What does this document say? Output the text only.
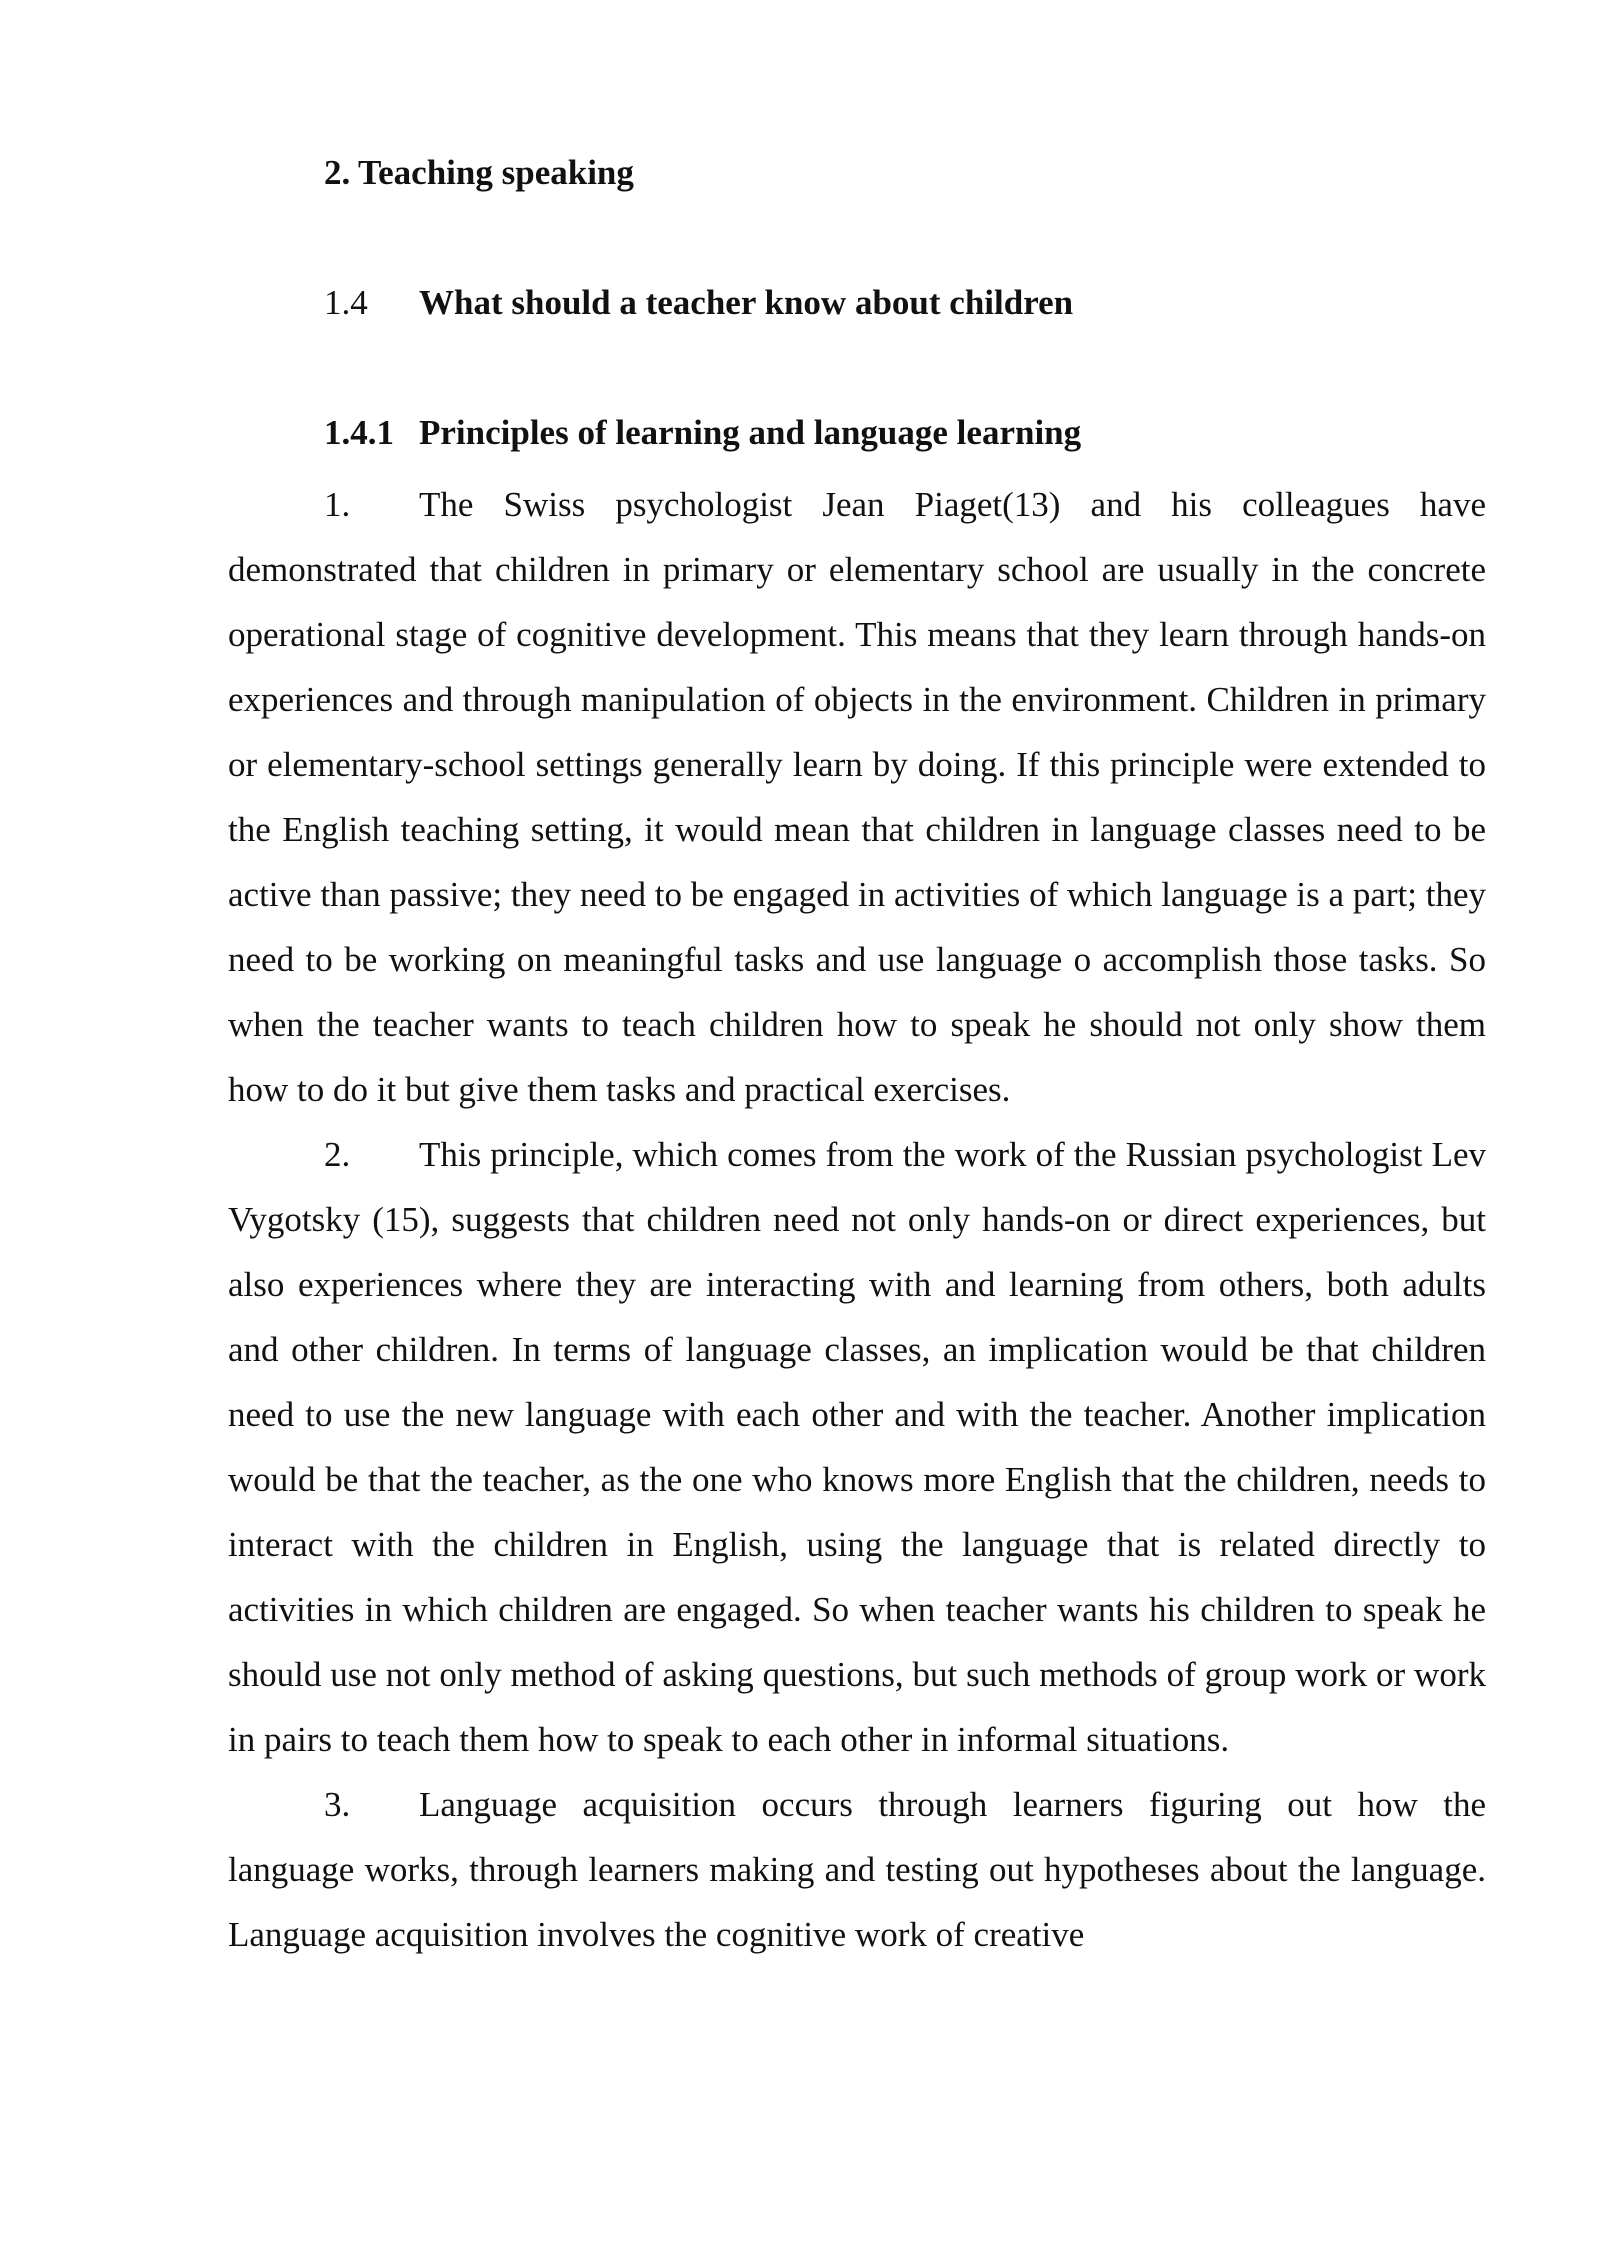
2. Teaching speaking
1.4 What should a teacher know about children
1.4.1 Principles of learning and language learning

1. The Swiss psychologist Jean Piaget(13) and his colleagues have demonstrated that children in primary or elementary school are usually in the concrete operational stage of cognitive development. This means that they learn through hands-on experiences and through manipulation of objects in the environment. Children in primary or elementary-school settings generally learn by doing. If this principle were extended to the English teaching setting, it would mean that children in language classes need to be active than passive; they need to be engaged in activities of which language is a part; they need to be working on meaningful tasks and use language o accomplish those tasks. So when the teacher wants to teach children how to speak he should not only show them how to do it but give them tasks and practical exercises.

2. This principle, which comes from the work of the Russian psychologist Lev Vygotsky (15), suggests that children need not only hands-on or direct experiences, but also experiences where they are interacting with and learning from others, both adults and other children. In terms of language classes, an implication would be that children need to use the new language with each other and with the teacher. Another implication would be that the teacher, as the one who knows more English that the children, needs to interact with the children in English, using the language that is related directly to activities in which children are engaged. So when teacher wants his children to speak he should use not only method of asking questions, but such methods of group work or work in pairs to teach them how to speak to each other in informal situations.

3. Language acquisition occurs through learners figuring out how the language works, through learners making and testing out hypotheses about the language. Language acquisition involves the cognitive work of creative
